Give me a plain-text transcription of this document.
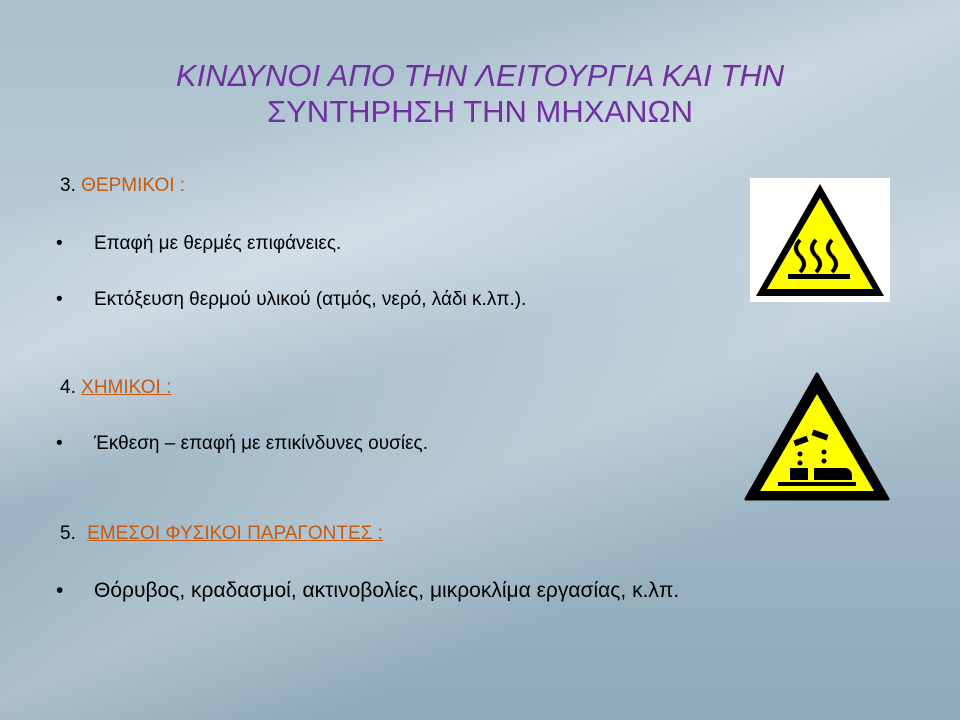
ΚΙΝΔΥΝΟΙ ΑΠΟ ΤΗΝ ΛΕΙΤΟΥΡΓΙΑ ΚΑΙ ΤΗΝ
ΣΥΝΤΗΡΗΣΗ ΤΗΝ ΜΗΧΑΝΩΝ
3. ΘΕΡΜΙΚΟΙ :
• Επαφή με θερμές επιφάνειες.
• Εκτόξευση θερμού υλικού (ατμός, νερό, λάδι κ.λπ.).
4. ΧΗΜΙΚΟΙ :
• Έκθεση – επαφή με επικίνδυνες ουσίες.
5. ΕΜΕΣΟΙ ΦΥΣΙΚΟΙ ΠΑΡΑΓΟΝΤΕΣ :
• Θόρυβος, κραδασμοί, ακτινοβολίες, μικροκλίμα εργασίας, κ.λπ.
